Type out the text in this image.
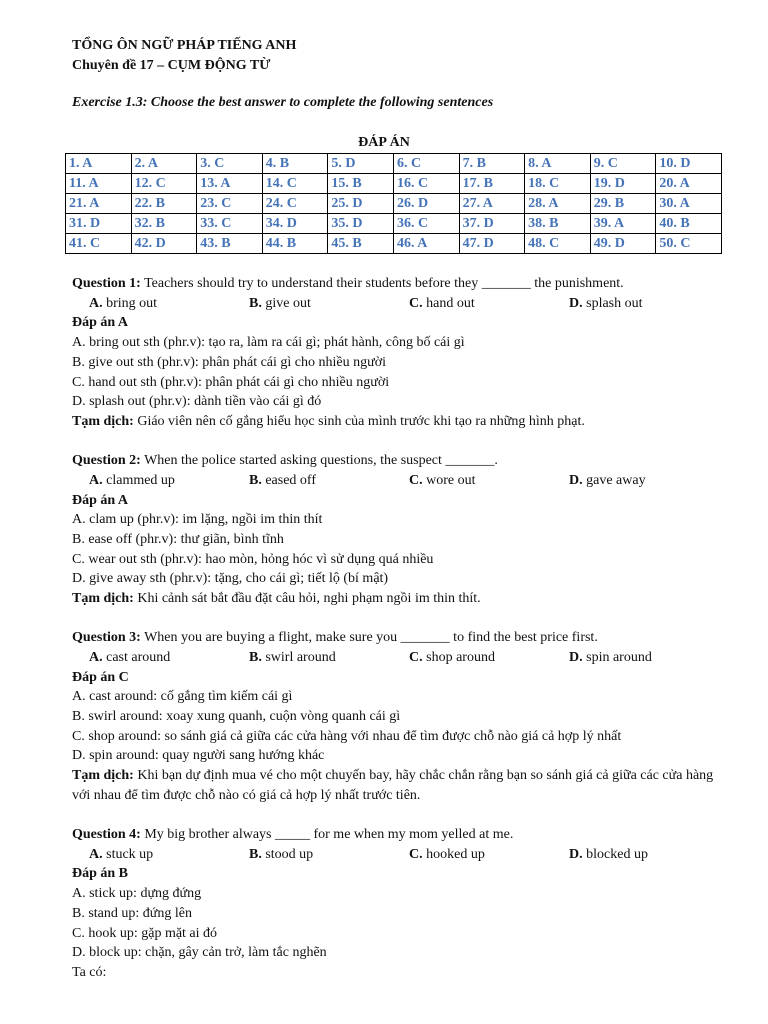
TỔNG ÔN NGỮ PHÁP TIẾNG ANH
Chuyên đề 17 – CỤM ĐỘNG TỪ
Exercise 1.3: Choose the best answer to complete the following sentences
ĐÁP ÁN
1. A	2. A	3. C	4. B	5. D	6. C	7. B	8. A	9. C	10. D
11. A	12. C	13. A	14. C	15. B	16. C	17. B	18. C	19. D	20. A
21. A	22. B	23. C	24. C	25. D	26. D	27. A	28. A	29. B	30. A
31. D	32. B	33. C	34. D	35. D	36. C	37. D	38. B	39. A	40. B
41. C	42. D	43. B	44. B	45. B	46. A	47. D	48. C	49. D	50. C
Question 1: Teachers should try to understand their students before they _______ the punishment.
A. bring out	B. give out	C. hand out	D. splash out
Đáp án A
A. bring out sth (phr.v): tạo ra, làm ra cái gì; phát hành, công bố cái gì
B. give out sth (phr.v): phân phát cái gì cho nhiều người
C. hand out sth (phr.v): phân phát cái gì cho nhiều người
D. splash out (phr.v): dành tiền vào cái gì đó
Tạm dịch: Giáo viên nên cố gắng hiểu học sinh của mình trước khi tạo ra những hình phạt.
Question 2: When the police started asking questions, the suspect _______.
A. clammed up	B. eased off	C. wore out	D. gave away
Đáp án A
A. clam up (phr.v): im lặng, ngồi im thin thít
B. ease off (phr.v): thư giãn, bình tĩnh
C. wear out sth (phr.v): hao mòn, hỏng hóc vì sử dụng quá nhiều
D. give away sth (phr.v): tặng, cho cái gì; tiết lộ (bí mật)
Tạm dịch: Khi cảnh sát bắt đầu đặt câu hỏi, nghi phạm ngồi im thin thít.
Question 3: When you are buying a flight, make sure you _______ to find the best price first.
A. cast around	B. swirl around	C. shop around	D. spin around
Đáp án C
A. cast around: cố gắng tìm kiếm cái gì
B. swirl around: xoay xung quanh, cuộn vòng quanh cái gì
C. shop around: so sánh giá cả giữa các cửa hàng với nhau để tìm được chỗ nào giá cả hợp lý nhất
D. spin around: quay người sang hướng khác
Tạm dịch: Khi bạn dự định mua vé cho một chuyến bay, hãy chắc chắn rằng bạn so sánh giá cả giữa các cửa hàng với nhau để tìm được chỗ nào có giá cả hợp lý nhất trước tiên.
Question 4: My big brother always _____ for me when my mom yelled at me.
A. stuck up	B. stood up	C. hooked up	D. blocked up
Đáp án B
A. stick up: dựng đứng
B. stand up: đứng lên
C. hook up: gặp mặt ai đó
D. block up: chặn, gây cản trở, làm tắc nghẽn
Ta có:
